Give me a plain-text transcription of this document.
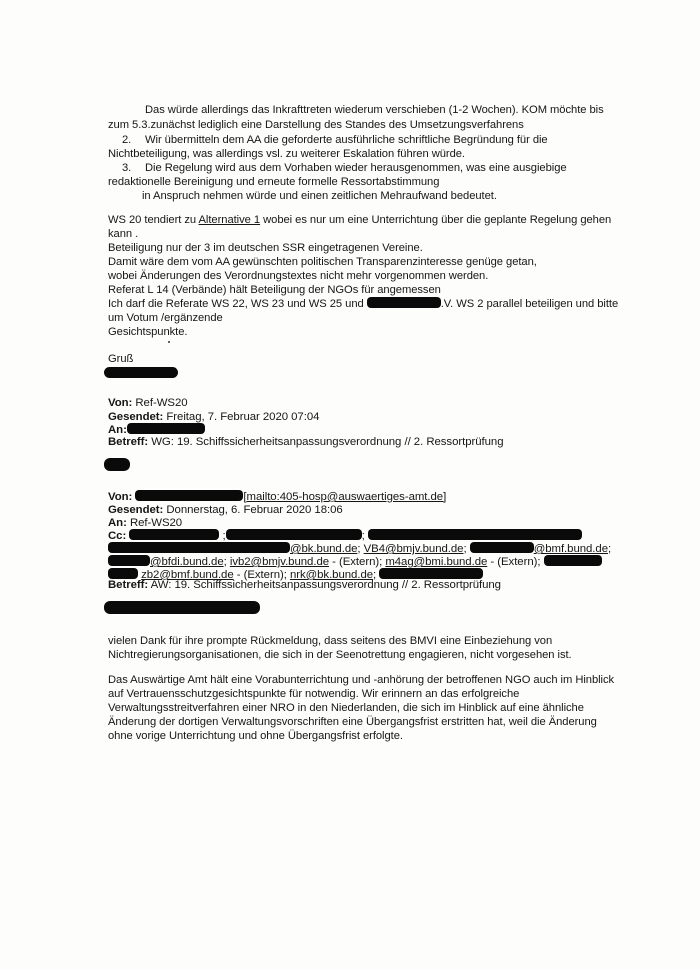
Das würde allerdings das Inkrafttreten wiederum verschieben (1-2 Wochen). KOM möchte bis
zum 5.3.zunächst lediglich eine Darstellung des Standes des Umsetzungsverfahrens
2. Wir übermitteln dem AA die geforderte ausführliche schriftliche Begründung für die
Nichtbeteiligung, was allerdings vsl. zu weiterer Eskalation führen würde.
3. Die Regelung wird aus dem Vorhaben wieder herausgenommen, was eine ausgiebige
redaktionelle Bereinigung und erneute formelle Ressortabstimmung
in Anspruch nehmen würde und einen zeitlichen Mehraufwand bedeutet.
WS 20 tendiert zu Alternative 1 wobei es nur um eine Unterrichtung über die geplante Regelung gehen
kann .
Beteiligung nur der 3 im deutschen SSR eingetragenen Vereine.
Damit wäre dem vom AA gewünschten politischen Transparenzinteresse genüge getan,
wobei Änderungen des Verordnungstextes nicht mehr vorgenommen werden.
Referat L 14 (Verbände) hält Beteiligung der NGOs für angemessen
Ich darf die Referate WS 22, WS 23 und WS 25 und	.V. WS 2 parallel beteiligen und bitte
um Votum /ergänzende
Gesichtspunkte.
Gruß
Von: Ref-WS20
Gesendet: Freitag, 7. Februar 2020 07:04
An:
Betreff: WG: 19. Schiffssicherheitsanpassungsverordnung // 2. Ressortprüfung
Von:	[mailto:405-hosp@auswaertiges-amt.de]
Gesendet: Donnerstag, 6. Februar 2020 18:06
An: Ref-WS20
Cc:	;	;
@bk.bund.de; VB4@bmjv.bund.de;	@bmf.bund.de;
@bfdi.bund.de; ivb2@bmjv.bund.de - (Extern); m4ag@bmi.bund.de - (Extern);
zb2@bmf.bund.de - (Extern); nrk@bk.bund.de;
Betreff: AW: 19. Schiffssicherheitsanpassungsverordnung // 2. Ressortprüfung
vielen Dank für ihre prompte Rückmeldung, dass seitens des BMVI eine Einbeziehung von
Nichtregierungsorganisationen, die sich in der Seenotrettung engagieren, nicht vorgesehen ist.
Das Auswärtige Amt hält eine Vorabunterrichtung und -anhörung der betroffenen NGO auch im Hinblick
auf Vertrauensschutzgesichtspunkte für notwendig. Wir erinnern an das erfolgreiche
Verwaltungsstreitverfahren einer NRO in den Niederlanden, die sich im Hinblick auf eine ähnliche
Änderung der dortigen Verwaltungsvorschriften eine Übergangsfrist erstritten hat, weil die Änderung
ohne vorige Unterrichtung und ohne Übergangsfrist erfolgte.
